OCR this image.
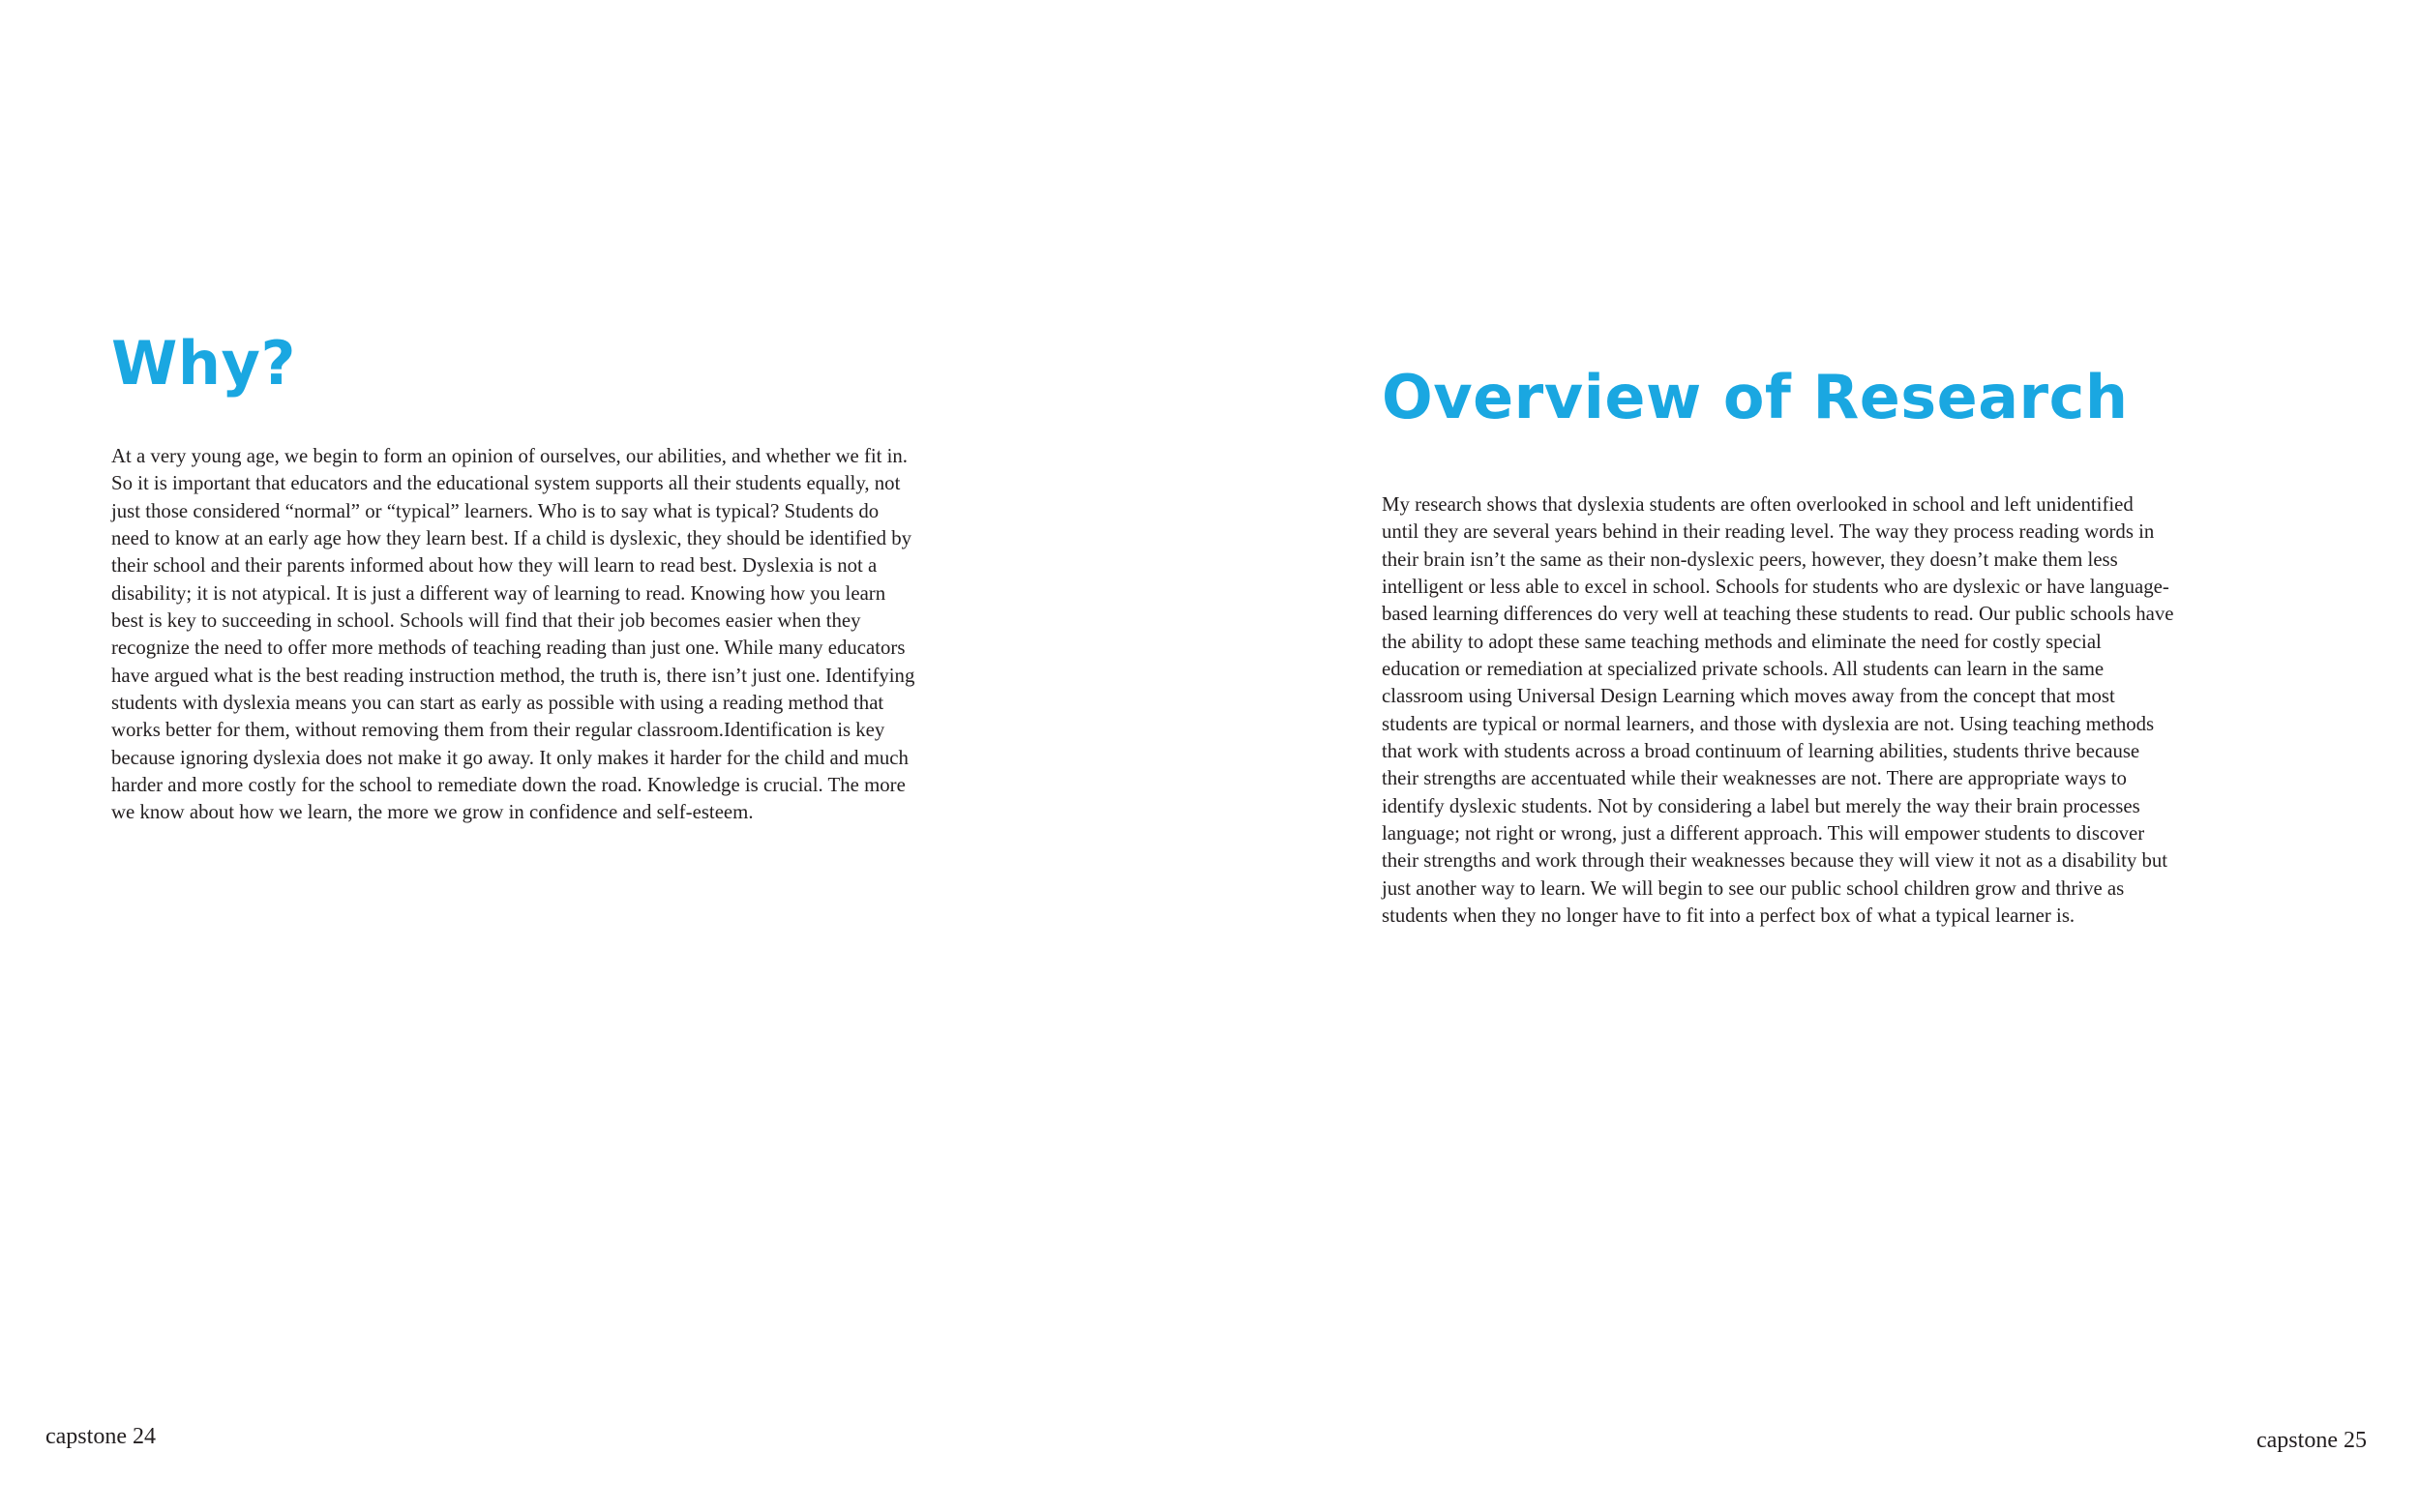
Why?

At a very young age, we begin to form an opinion of ourselves, our abilities, and whether we fit in. So it is important that educators and the educational system supports all their students equally, not just those considered “normal” or “typical” learners. Who is to say what is typical? Students do need to know at an early age how they learn best. If a child is dyslexic, they should be identified by their school and their parents informed about how they will learn to read best. Dyslexia is not a disability; it is not atypical. It is just a different way of learning to read. Knowing how you learn best is key to succeeding in school. Schools will find that their job becomes easier when they recognize the need to offer more methods of teaching reading than just one. While many educators have argued what is the best reading instruction method, the truth is, there isn’t just one. Identifying students with dyslexia means you can start as early as possible with using a reading method that works better for them, without removing them from their regular classroom.Identification is key because ignoring dyslexia does not make it go away. It only makes it harder for the child and much harder and more costly for the school to remediate down the road. Knowledge is crucial. The more we know about how we learn, the more we grow in confidence and self-esteem.

capstone 24
Overview of Research

My research shows that dyslexia students are often overlooked in school and left unidentified until they are several years behind in their reading level. The way they process reading words in their brain isn’t the same as their non-dyslexic peers, however, they doesn’t make them less intelligent or less able to excel in school. Schools for students who are dyslexic or have language-based learning differences do very well at teaching these students to read. Our public schools have the ability to adopt these same teaching methods and eliminate the need for costly special education or remediation at specialized private schools. All students can learn in the same classroom using Universal Design Learning which moves away from the concept that most students are typical or normal learners, and those with dyslexia are not. Using teaching methods that work with students across a broad continuum of learning abilities, students thrive because their strengths are accentuated while their weaknesses are not. There are appropriate ways to identify dyslexic students. Not by considering a label but merely the way their brain processes language; not right or wrong, just a different approach. This will empower students to discover their strengths and work through their weaknesses because they will view it not as a disability but just another way to learn. We will begin to see our public school children grow and thrive as students when they no longer have to fit into a perfect box of what a typical learner is.

capstone 25
